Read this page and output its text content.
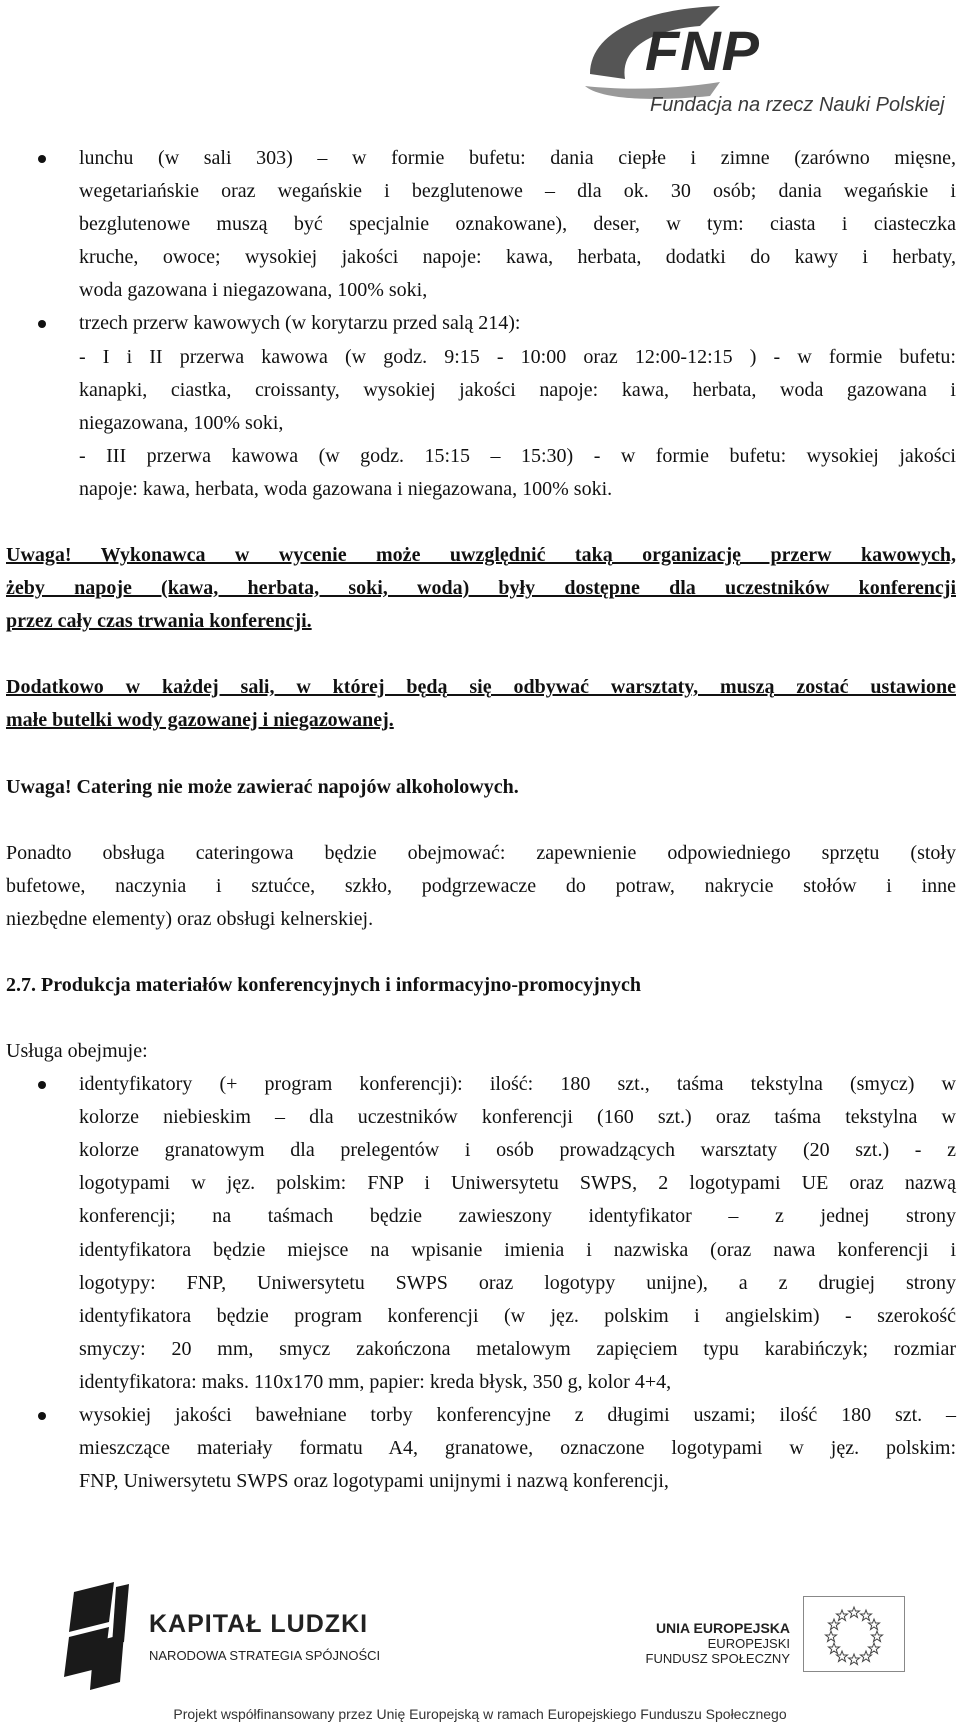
FNP
Fundacja na rzecz Nauki Polskiej
lunchu (w sali 303) – w formie bufetu: dania ciepłe i zimne (zarówno mięsne,
wegetariańskie oraz wegańskie i bezglutenowe – dla ok. 30 osób; dania wegańskie i
bezglutenowe muszą być specjalnie oznakowane), deser, w tym: ciasta i ciasteczka
kruche, owoce; wysokiej jakości napoje: kawa, herbata, dodatki do kawy i herbaty,
woda gazowana i niegazowana, 100% soki,
trzech przerw kawowych (w korytarzu przed salą 214):
- I i II przerwa kawowa (w godz. 9:15 - 10:00 oraz 12:00-12:15 ) - w formie bufetu:
kanapki, ciastka, croissanty, wysokiej jakości napoje: kawa, herbata, woda gazowana i
niegazowana, 100% soki,
- III przerwa kawowa (w godz. 15:15 – 15:30) - w formie bufetu: wysokiej jakości
napoje: kawa, herbata, woda gazowana i niegazowana, 100% soki.

Uwaga! Wykonawca w wycenie może uwzględnić taką organizację przerw kawowych,
żeby napoje (kawa, herbata, soki, woda) były dostępne dla uczestników konferencji
przez cały czas trwania konferencji.

Dodatkowo w każdej sali, w której będą się odbywać warsztaty, muszą zostać ustawione
małe butelki wody gazowanej i niegazowanej.

Uwaga! Catering nie może zawierać napojów alkoholowych.

Ponadto obsługa cateringowa będzie obejmować: zapewnienie odpowiedniego sprzętu (stoły
bufetowe, naczynia i sztućce, szkło, podgrzewacze do potraw, nakrycie stołów i inne
niezbędne elementy) oraz obsługi kelnerskiej.

2.7. Produkcja materiałów konferencyjnych i informacyjno-promocyjnych

Usługa obejmuje:

identyfikatory (+ program konferencji): ilość: 180 szt., taśma tekstylna (smycz) w
kolorze niebieskim – dla uczestników konferencji (160 szt.) oraz taśma tekstylna w
kolorze granatowym dla prelegentów i osób prowadzących warsztaty (20 szt.) - z
logotypami w jęz. polskim: FNP i Uniwersytetu SWPS, 2 logotypami UE oraz nazwą
konferencji; na taśmach będzie zawieszony identyfikator – z jednej strony
identyfikatora będzie miejsce na wpisanie imienia i nazwiska (oraz nawa konferencji i
logotypy: FNP, Uniwersytetu SWPS oraz logotypy unijne), a z drugiej strony
identyfikatora będzie program konferencji (w jęz. polskim i angielskim) - szerokość
smyczy: 20 mm, smycz zakończona metalowym zapięciem typu karabińczyk; rozmiar
identyfikatora: maks. 110x170 mm, papier: kreda błysk, 350 g, kolor 4+4,
wysokiej jakości bawełniane torby konferencyjne z długimi uszami; ilość 180 szt. –
mieszczące materiały formatu A4, granatowe, oznaczone logotypami w jęz. polskim:
FNP, Uniwersytetu SWPS oraz logotypami unijnymi i nazwą konferencji,
KAPITAŁ LUDZKI
NARODOWA STRATEGIA SPÓJNOŚCI
UNIA EUROPEJSKA
EUROPEJSKI
FUNDUSZ SPOŁECZNY
Projekt współfinansowany przez Unię Europejską w ramach Europejskiego Funduszu Społecznego
